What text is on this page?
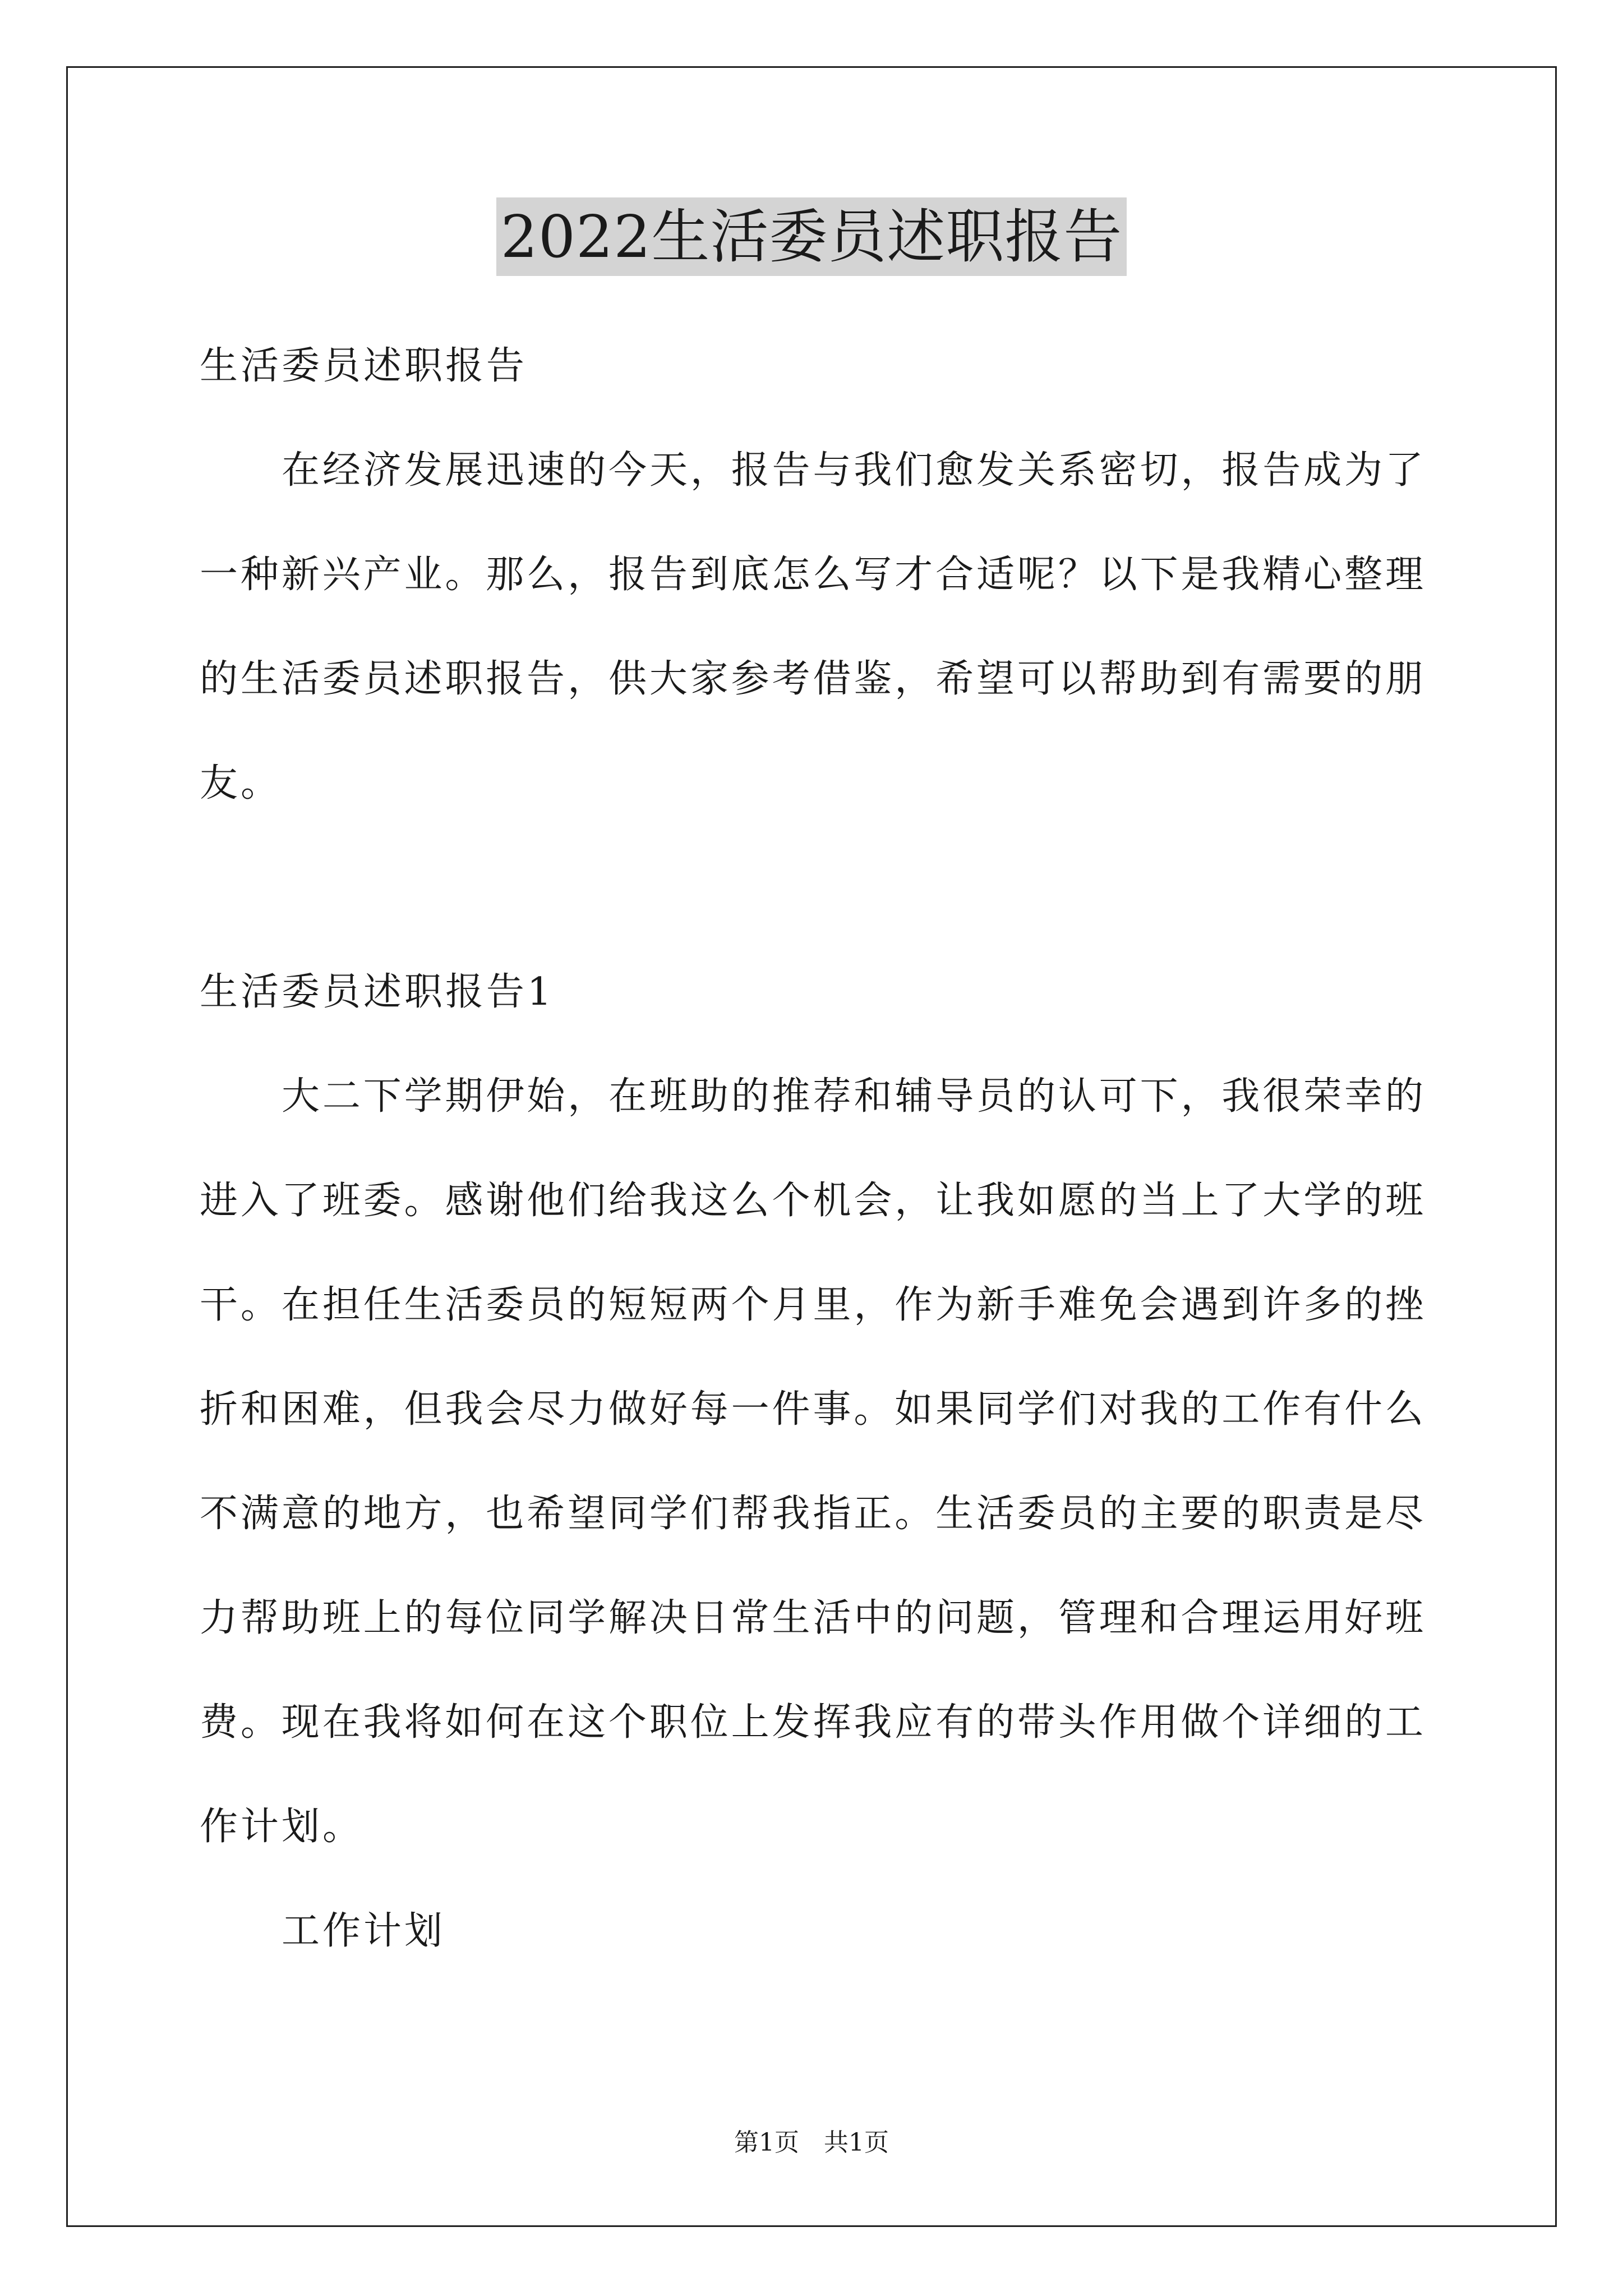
2022生活委员述职报告
生活委员述职报告
在经济发展迅速的今天，报告与我们愈发关系密切，报告成为了
一种新兴产业。那么，报告到底怎么写才合适呢？以下是我精心整理
的生活委员述职报告，供大家参考借鉴，希望可以帮助到有需要的朋
友。
生活委员述职报告1
大二下学期伊始，在班助的推荐和辅导员的认可下，我很荣幸的
进入了班委。感谢他们给我这么个机会，让我如愿的当上了大学的班
干。在担任生活委员的短短两个月里，作为新手难免会遇到许多的挫
折和困难，但我会尽力做好每一件事。如果同学们对我的工作有什么
不满意的地方，也希望同学们帮我指正。生活委员的主要的职责是尽
力帮助班上的每位同学解决日常生活中的问题，管理和合理运用好班
费。现在我将如何在这个职位上发挥我应有的带头作用做个详细的工
作计划。
工作计划
第1页　共1页
